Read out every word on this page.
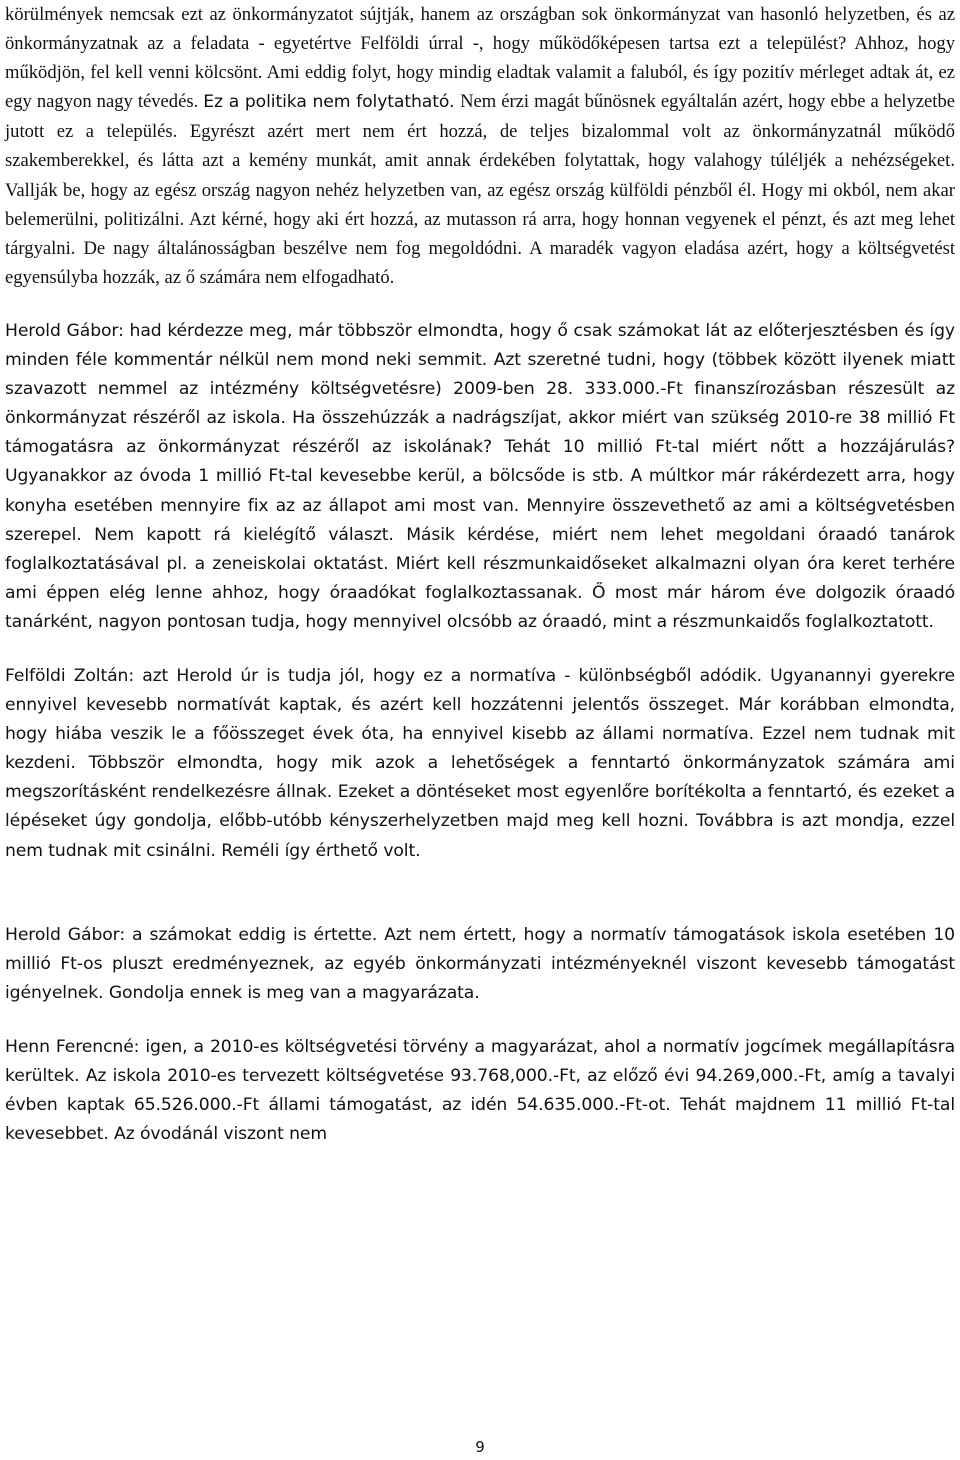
körülmények nemcsak ezt az önkormányzatot sújtják, hanem az országban sok önkormányzat van hasonló helyzetben, és az önkormányzatnak az a feladata - egyetértve Felföldi úrral -, hogy működőképesen tartsa ezt a települést? Ahhoz, hogy működjön, fel kell venni kölcsönt. Ami eddig folyt, hogy mindig eladtak valamit a faluból, és így pozitív mérleget adtak át, ez egy nagyon nagy tévedés. Ez a politika nem folytatható. Nem érzi magát bűnösnek egyáltalán azért, hogy ebbe a helyzetbe jutott ez a település. Egyrészt azért mert nem ért hozzá, de teljes bizalommal volt az önkormányzatnál működő szakemberekkel, és látta azt a kemény munkát, amit annak érdekében folytattak, hogy valahogy túléljék a nehézségeket. Vallják be, hogy az egész ország nagyon nehéz helyzetben van, az egész ország külföldi pénzből él. Hogy mi okból, nem akar belemerülni, politizálni. Azt kérné, hogy aki ért hozzá, az mutasson rá arra, hogy honnan vegyenek el pénzt, és azt meg lehet tárgyalni. De nagy általánosságban beszélve nem fog megoldódni. A maradék vagyon eladása azért, hogy a költségvetést egyensúlyba hozzák, az ő számára nem elfogadható.

Herold Gábor: had kérdezze meg, már többször elmondta, hogy ő csak számokat lát az előterjesztésben és így minden féle kommentár nélkül nem mond neki semmit. Azt szeretné tudni, hogy (többek között ilyenek miatt szavazott nemmel az intézmény költségvetésre) 2009-ben 28. 333.000.-Ft finanszírozásban részesült az önkormányzat részéről az iskola. Ha összehúzzák a nadrágszíjat, akkor miért van szükség 2010-re 38 millió Ft támogatásra az önkormányzat részéről az iskolának? Tehát 10 millió Ft-tal miért nőtt a hozzájárulás? Ugyanakkor az óvoda 1 millió Ft-tal kevesebbe kerül, a bölcsőde is stb. A múltkor már rákérdezett arra, hogy konyha esetében mennyire fix az az állapot ami most van. Mennyire összevethető az ami a költségvetésben szerepel. Nem kapott rá kielégítő választ. Másik kérdése, miért nem lehet megoldani óraadó tanárok foglalkoztatásával pl. a zeneiskolai oktatást. Miért kell részmunkaidőseket alkalmazni olyan óra keret terhére ami éppen elég lenne ahhoz, hogy óraadókat foglalkoztassanak. Ő most már három éve dolgozik óraadó tanárként, nagyon pontosan tudja, hogy mennyivel olcsóbb az óraadó, mint a részmunkaidős foglalkoztatott.

Felföldi Zoltán: azt Herold úr is tudja jól, hogy ez a normatíva - különbségből adódik. Ugyanannyi gyerekre ennyivel kevesebb normatívát kaptak, és azért kell hozzátenni jelentős összeget. Már korábban elmondta, hogy hiába veszik le a főösszeget évek óta, ha ennyivel kisebb az állami normatíva. Ezzel nem tudnak mit kezdeni. Többször elmondta, hogy mik azok a lehetőségek a fenntartó önkormányzatok számára ami megszorításként rendelkezésre állnak. Ezeket a döntéseket most egyenlőre borítékolta a fenntartó, és ezeket a lépéseket úgy gondolja, előbb-utóbb kényszerhelyzetben majd meg kell hozni. Továbbra is azt mondja, ezzel nem tudnak mit csinálni. Reméli így érthető volt.

Herold Gábor: a számokat eddig is értette. Azt nem értett, hogy a normatív támogatások iskola esetében 10 millió Ft-os pluszt eredményeznek, az egyéb önkormányzati intézményeknél viszont kevesebb támogatást igényelnek. Gondolja ennek is meg van a magyarázata.

Henn Ferencné: igen, a 2010-es költségvetési törvény a magyarázat, ahol a normatív jogcímek megállapításra kerültek. Az iskola 2010-es tervezett költségvetése 93.768,000.-Ft, az előző évi 94.269,000.-Ft, amíg a tavalyi évben kaptak 65.526.000.-Ft állami támogatást, az idén 54.635.000.-Ft-ot. Tehát majdnem 11 millió Ft-tal kevesebbet. Az óvodánál viszont nem

9
